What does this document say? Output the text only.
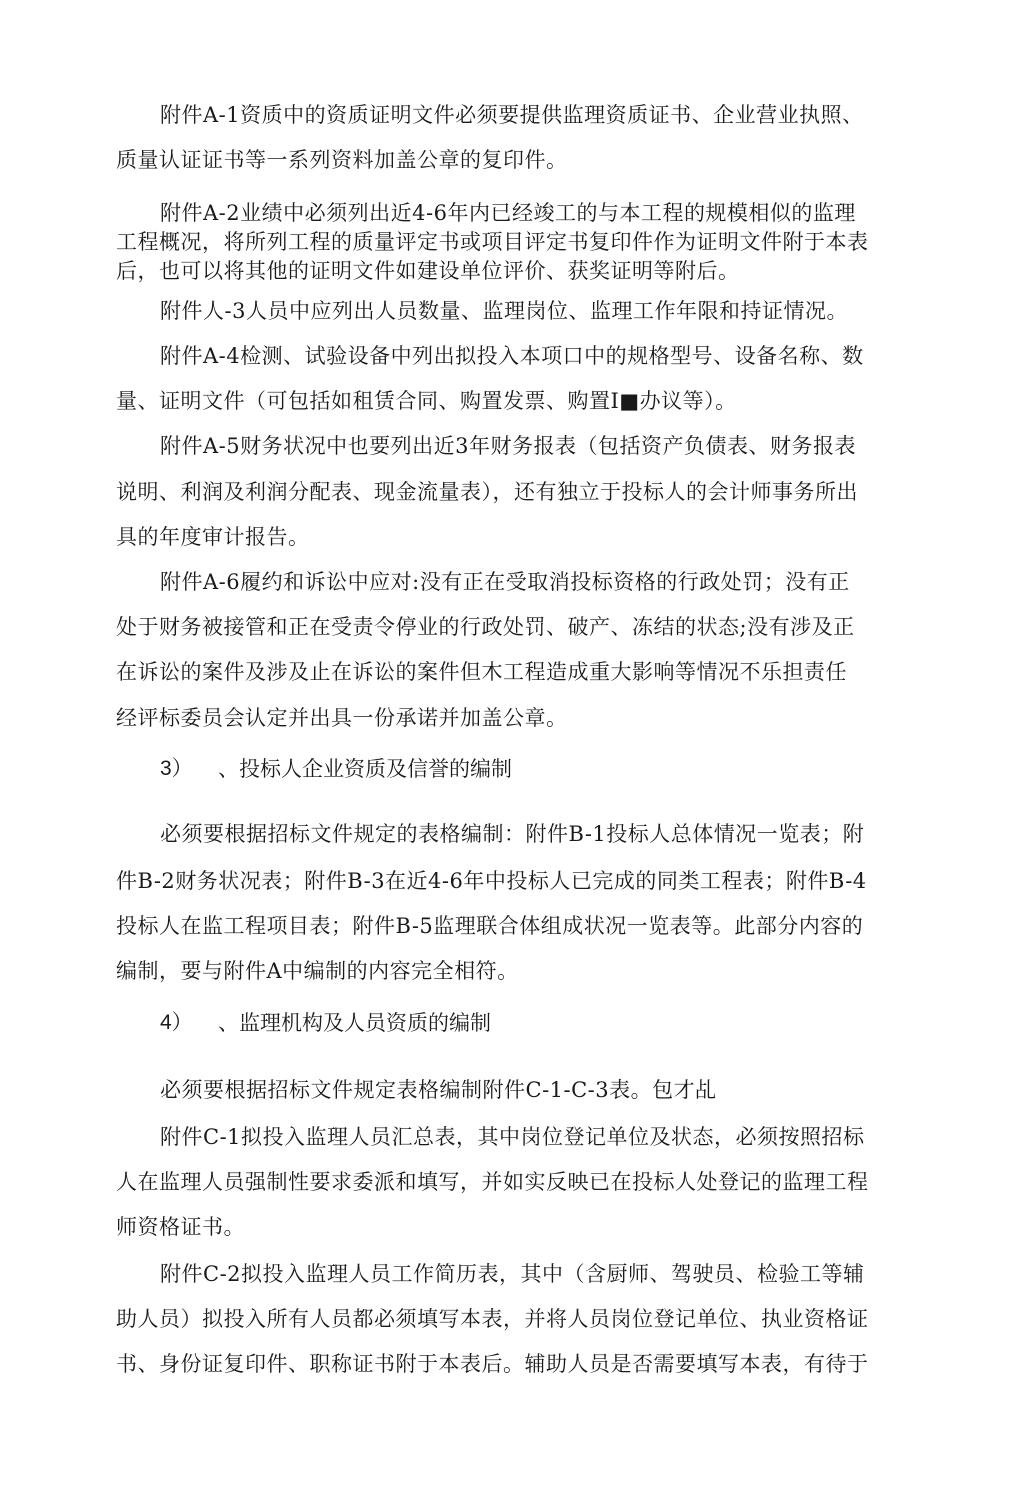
附件A-1资质中的资质证明文件必须要提供监理资质证书、企业营业执照、
质量认证证书等一系列资料加盖公章的复印件。
附件A-2业绩中必须列出近4-6年内已经竣工的与本工程的规模相似的监理
工程概况，将所列工程的质量评定书或项目评定书复印件作为证明文件附于本表
后，也可以将其他的证明文件如建设单位评价、获奖证明等附后。
附件人-3人员中应列出人员数量、监理岗位、监理工作年限和持证情况。
附件A-4检测、试验设备中列出拟投入本项口中的规格型号、设备名称、数
量、证明文件（可包括如租赁合同、购置发票、购置I■办议等）。
附件A-5财务状况中也要列出近3年财务报表（包括资产负债表、财务报表
说明、利润及利润分配表、现金流量表），还有独立于投标人的会计师事务所出
具的年度审计报告。
附件A-6履约和诉讼中应对:没有正在受取消投标资格的行政处罚；没有正
处于财务被接管和正在受责令停业的行政处罚、破产、冻结的状态;没有涉及正
在诉讼的案件及涉及止在诉讼的案件但木工程造成重大影响等情况不乐担责任
经评标委员会认定并出具一份承诺并加盖公章。
3） 、投标人企业资质及信誉的编制
必须要根据招标文件规定的表格编制：附件B-1投标人总体情况一览表；附
件B-2财务状况表；附件B-3在近4-6年中投标人已完成的同类工程表；附件B-4
投标人在监工程项目表；附件B-5监理联合体组成状况一览表等。此部分内容的
编制，要与附件A中编制的内容完全相符。
4） 、监理机构及人员资质的编制
必须要根据招标文件规定表格编制附件C-1-C-3表。包才乩
附件C-1拟投入监理人员汇总表，其中岗位登记单位及状态，必须按照招标
人在监理人员强制性要求委派和填写，并如实反映已在投标人处登记的监理工程
师资格证书。
附件C-2拟投入监理人员工作简历表，其中（含厨师、驾驶员、检验工等辅
助人员）拟投入所有人员都必须填写本表，并将人员岗位登记单位、执业资格证
书、身份证复印件、职称证书附于本表后。辅助人员是否需要填写本表，有待于
